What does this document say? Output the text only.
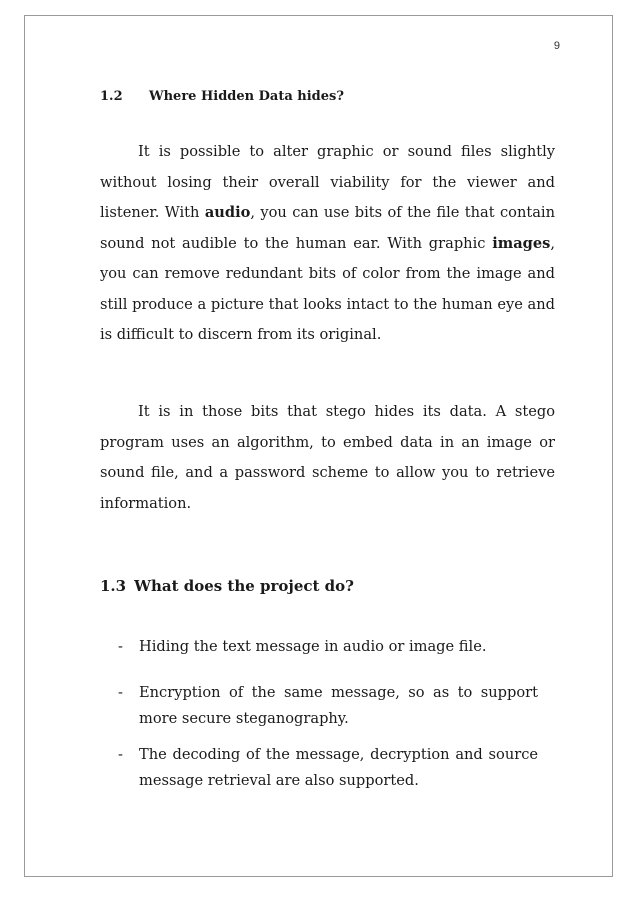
9
1.2 Where Hidden Data hides?

It is possible to alter graphic or sound files slightly without losing their overall viability for the viewer and listener. With audio, you can use bits of the file that contain sound not audible to the human ear. With graphic images, you can remove redundant bits of color from the image and still produce a picture that looks intact to the human eye and is difficult to discern from its original.

It is in those bits that stego hides its data. A stego program uses an algorithm, to embed data in an image or sound file, and a password scheme to allow you to retrieve information.

1.3 What does the project do?
- Hiding the text message in audio or image file.
- Encryption of the same message, so as to support more secure steganography.
- The decoding of the message, decryption and source message retrieval are also supported.
